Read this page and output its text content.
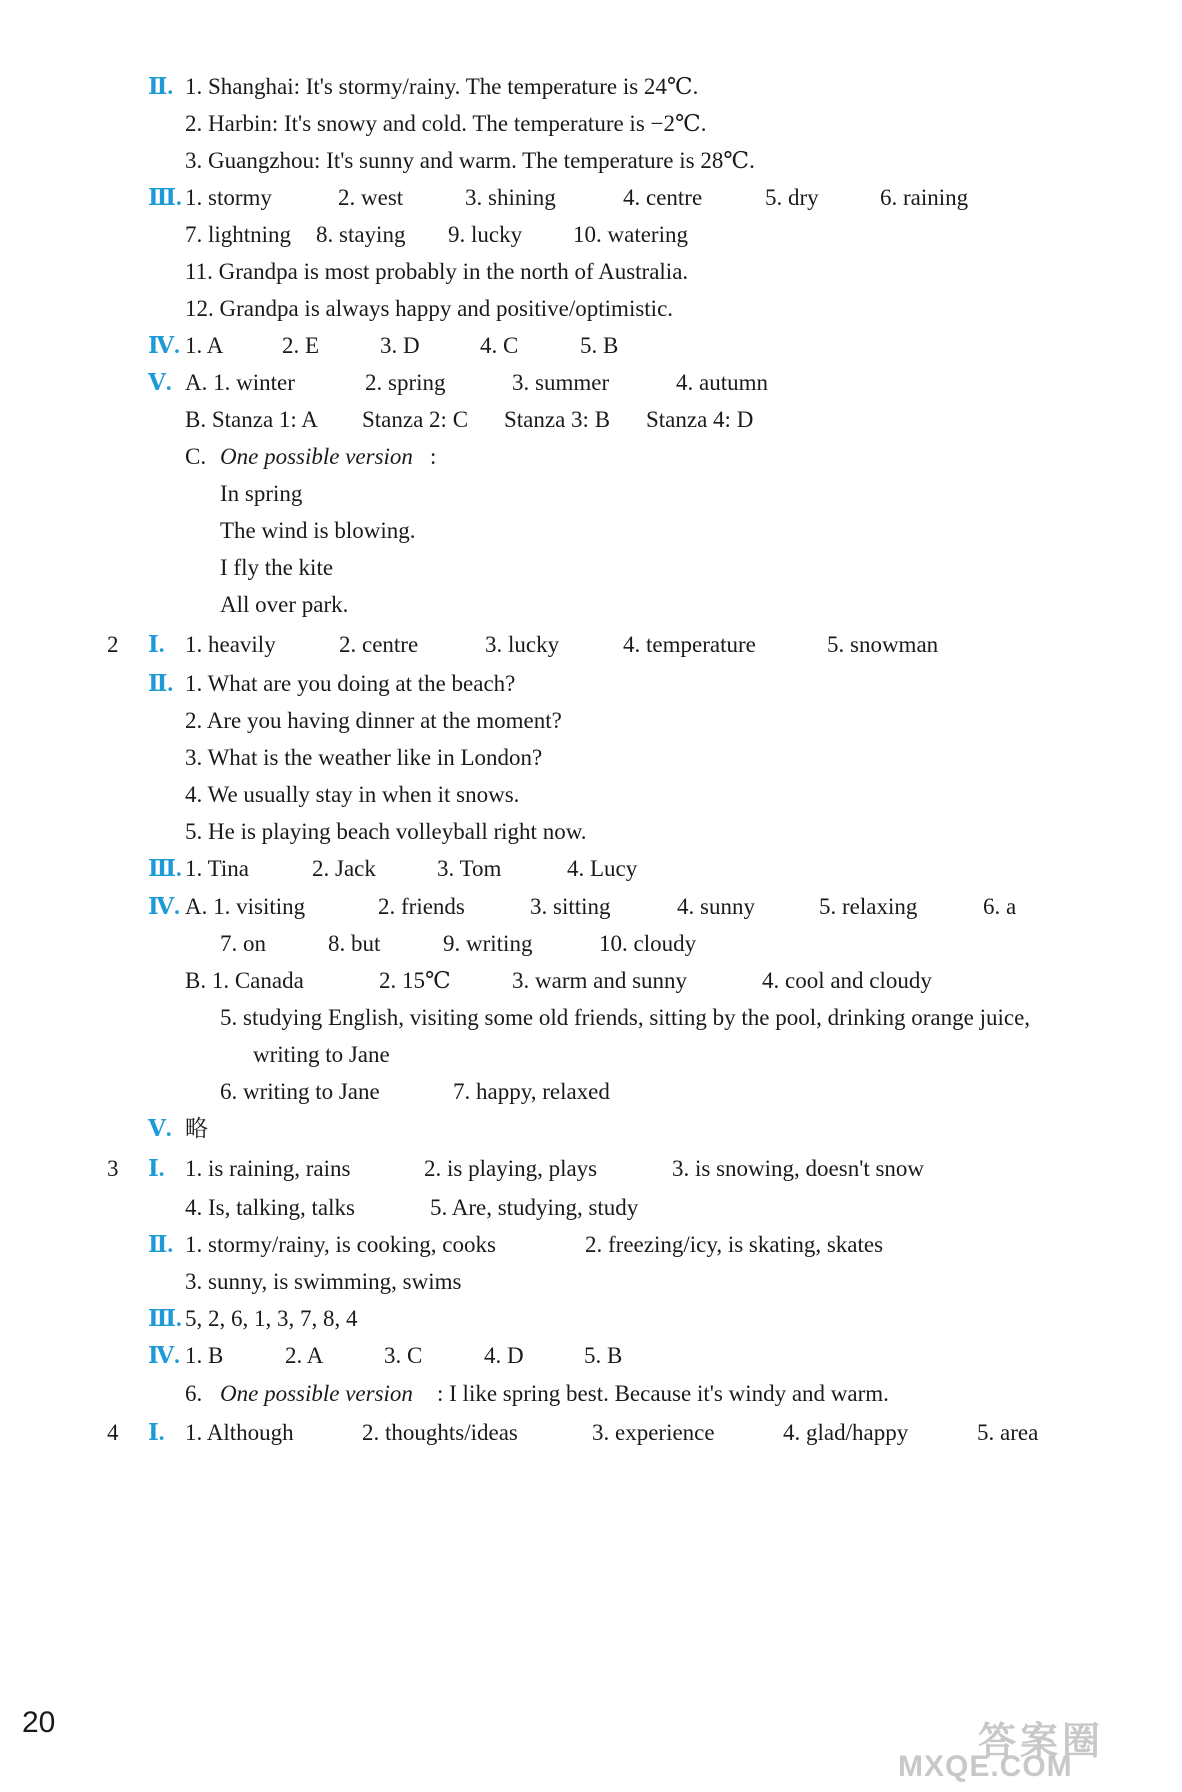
Ⅱ. 1. Shanghai: It's stormy/rainy. The temperature is 24℃.
2. Harbin: It's snowy and cold. The temperature is −2℃.
3. Guangzhou: It's sunny and warm. The temperature is 28℃.
Ⅲ. 1. stormy	2. west	3. shining	4. centre	5. dry	6. raining
7. lightning 8. staying 9. lucky 10. watering
11. Grandpa is most probably in the north of Australia.
12. Grandpa is always happy and positive/optimistic.
Ⅳ. 1. A	2. E	3. D	4. C	5. B
Ⅴ. A. 1. winter	2. spring	3. summer	4. autumn
B. Stanza 1: A Stanza 2: C Stanza 3: B Stanza 4: D
C. One possible version :
In spring
The wind is blowing.
I fly the kite
All over park.
2 Ⅰ. 1. heavily	2. centre	3. lucky	4. temperature	5. snowman
Ⅱ. 1. What are you doing at the beach?
2. Are you having dinner at the moment?
3. What is the weather like in London?
4. We usually stay in when it snows.
5. He is playing beach volleyball right now.
Ⅲ. 1. Tina	2. Jack	3. Tom	4. Lucy
Ⅳ. A. 1. visiting	2. friends	3. sitting	4. sunny	5. relaxing	6. a
7. on	8. but	9. writing	10. cloudy
B. 1. Canada	2. 15℃	3. warm and sunny	4. cool and cloudy
5. studying English, visiting some old friends, sitting by the pool, drinking orange juice,
writing to Jane
6. writing to Jane	7. happy, relaxed
Ⅴ. 略
3 Ⅰ. 1. is raining, rains	2. is playing, plays	3. is snowing, doesn't snow
4. Is, talking, talks	5. Are, studying, study
Ⅱ. 1. stormy/rainy, is cooking, cooks	2. freezing/icy, is skating, skates
3. sunny, is swimming, swims
Ⅲ. 5, 2, 6, 1, 3, 7, 8, 4
Ⅳ. 1. B	2. A	3. C	4. D	5. B
6. One possible version : I like spring best. Because it's windy and warm.
4 Ⅰ. 1. Although	2. thoughts/ideas	3. experience	4. glad/happy	5. area
20	答案圈
MXQE.COM
